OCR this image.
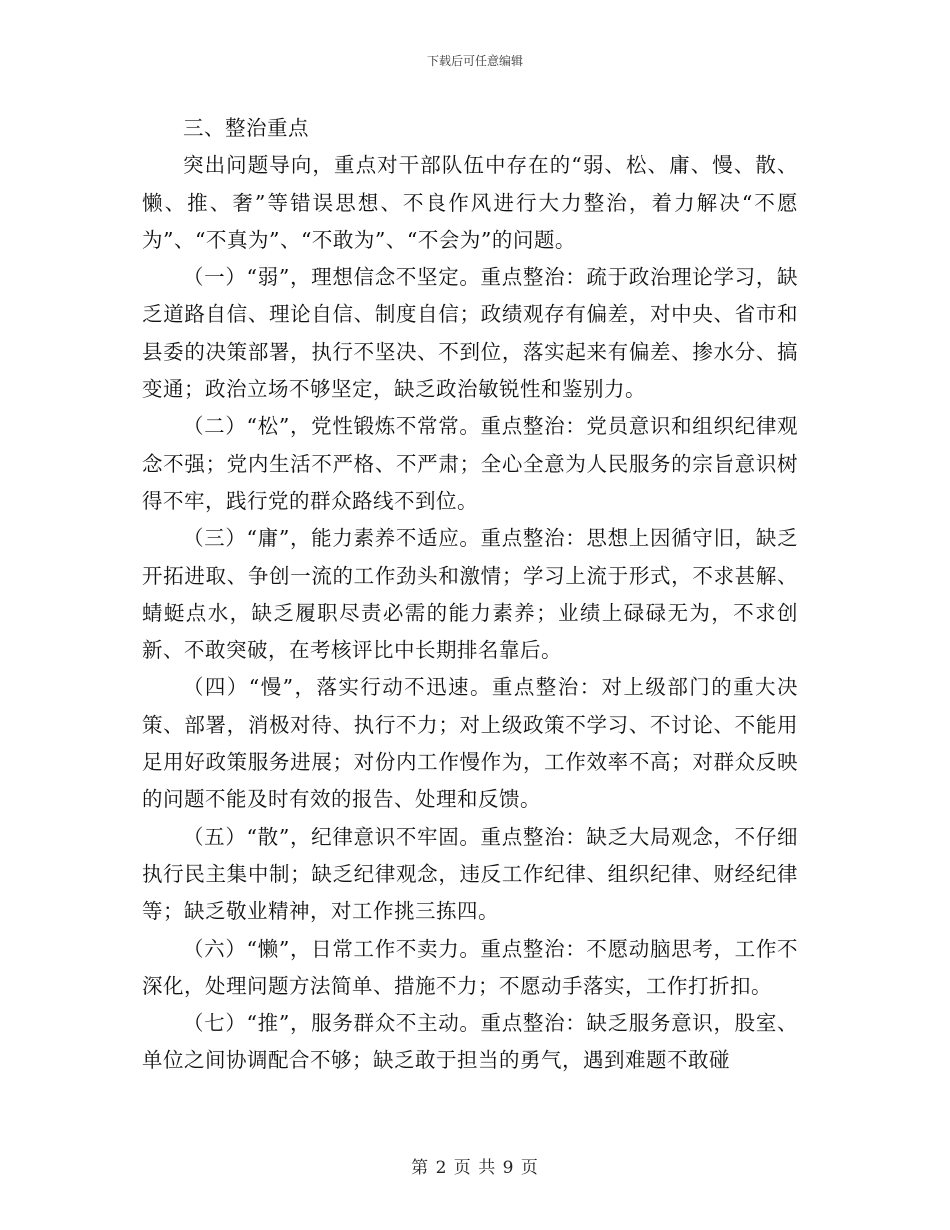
下载后可任意编辑

三、整治重点

突出问题导向，重点对干部队伍中存在的“弱、松、庸、慢、散、懒、推、奢”等错误思想、不良作风进行大力整治，着力解决“不愿为”、“不真为”、“不敢为”、“不会为”的问题。

（一）“弱”，理想信念不坚定。重点整治：疏于政治理论学习，缺乏道路自信、理论自信、制度自信；政绩观存有偏差，对中央、省市和县委的决策部署，执行不坚决、不到位，落实起来有偏差、掺水分、搞变通；政治立场不够坚定，缺乏政治敏锐性和鉴别力。

（二）“松”，党性锻炼不常常。重点整治：党员意识和组织纪律观念不强；党内生活不严格、不严肃；全心全意为人民服务的宗旨意识树得不牢，践行党的群众路线不到位。

（三）“庸”，能力素养不适应。重点整治：思想上因循守旧，缺乏开拓进取、争创一流的工作劲头和激情；学习上流于形式，不求甚解、蜻蜓点水，缺乏履职尽责必需的能力素养；业绩上碌碌无为，不求创新、不敢突破，在考核评比中长期排名靠后。

（四）“慢”，落实行动不迅速。重点整治：对上级部门的重大决策、部署，消极对待、执行不力；对上级政策不学习、不讨论、不能用足用好政策服务进展；对份内工作慢作为，工作效率不高；对群众反映的问题不能及时有效的报告、处理和反馈。

（五）“散”，纪律意识不牢固。重点整治：缺乏大局观念，不仔细执行民主集中制；缺乏纪律观念，违反工作纪律、组织纪律、财经纪律等；缺乏敬业精神，对工作挑三拣四。

（六）“懒”，日常工作不卖力。重点整治：不愿动脑思考，工作不深化，处理问题方法简单、措施不力；不愿动手落实，工作打折扣。

（七）“推”，服务群众不主动。重点整治：缺乏服务意识，股室、单位之间协调配合不够；缺乏敢于担当的勇气，遇到难题不敢碰

第 2 页 共 9 页
